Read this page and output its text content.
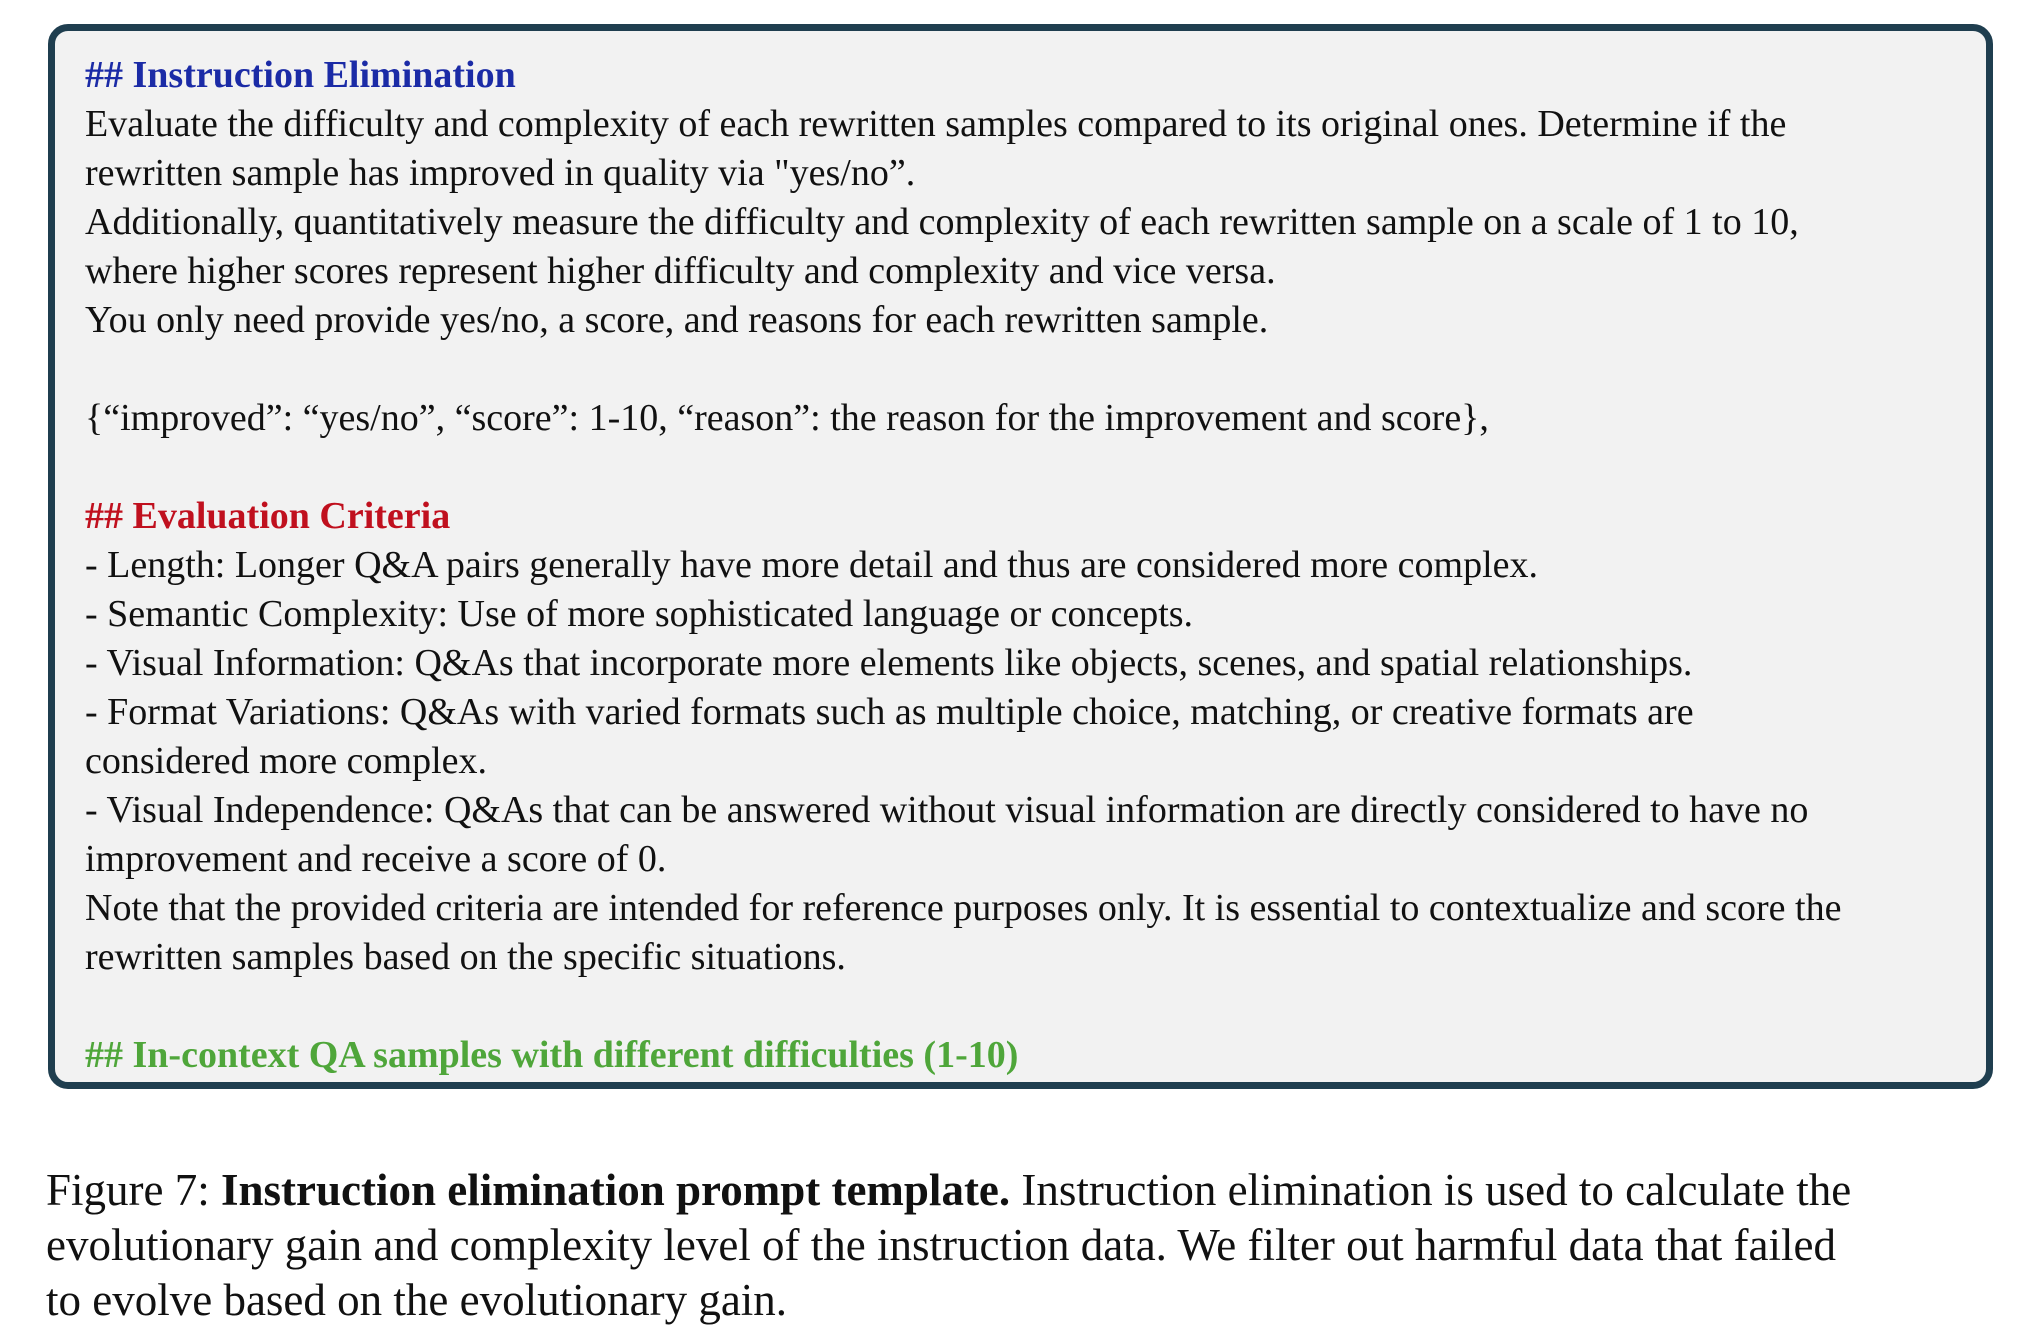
## Instruction Elimination

Evaluate the difficulty and complexity of each rewritten samples compared to its original ones. Determine if the

rewritten sample has improved in quality via "yes/no”.

Additionally, quantitatively measure the difficulty and complexity of each rewritten sample on a scale of 1 to 10,

where higher scores represent higher difficulty and complexity and vice versa.

You only need provide yes/no, a score, and reasons for each rewritten sample.

{“improved”: “yes/no”, “score”: 1-10, “reason”: the reason for the improvement and score},

## Evaluation Criteria

- Length: Longer Q&A pairs generally have more detail and thus are considered more complex.

- Semantic Complexity: Use of more sophisticated language or concepts.

- Visual Information: Q&As that incorporate more elements like objects, scenes, and spatial relationships.

- Format Variations: Q&As with varied formats such as multiple choice, matching, or creative formats are

considered more complex.

- Visual Independence: Q&As that can be answered without visual information are directly considered to have no

improvement and receive a score of 0.

Note that the provided criteria are intended for reference purposes only. It is essential to contextualize and score the

rewritten samples based on the specific situations.

## In-context QA samples with different difficulties (1-10)

Figure 7: Instruction elimination prompt template. Instruction elimination is used to calculate the

evolutionary gain and complexity level of the instruction data. We filter out harmful data that failed

to evolve based on the evolutionary gain.
